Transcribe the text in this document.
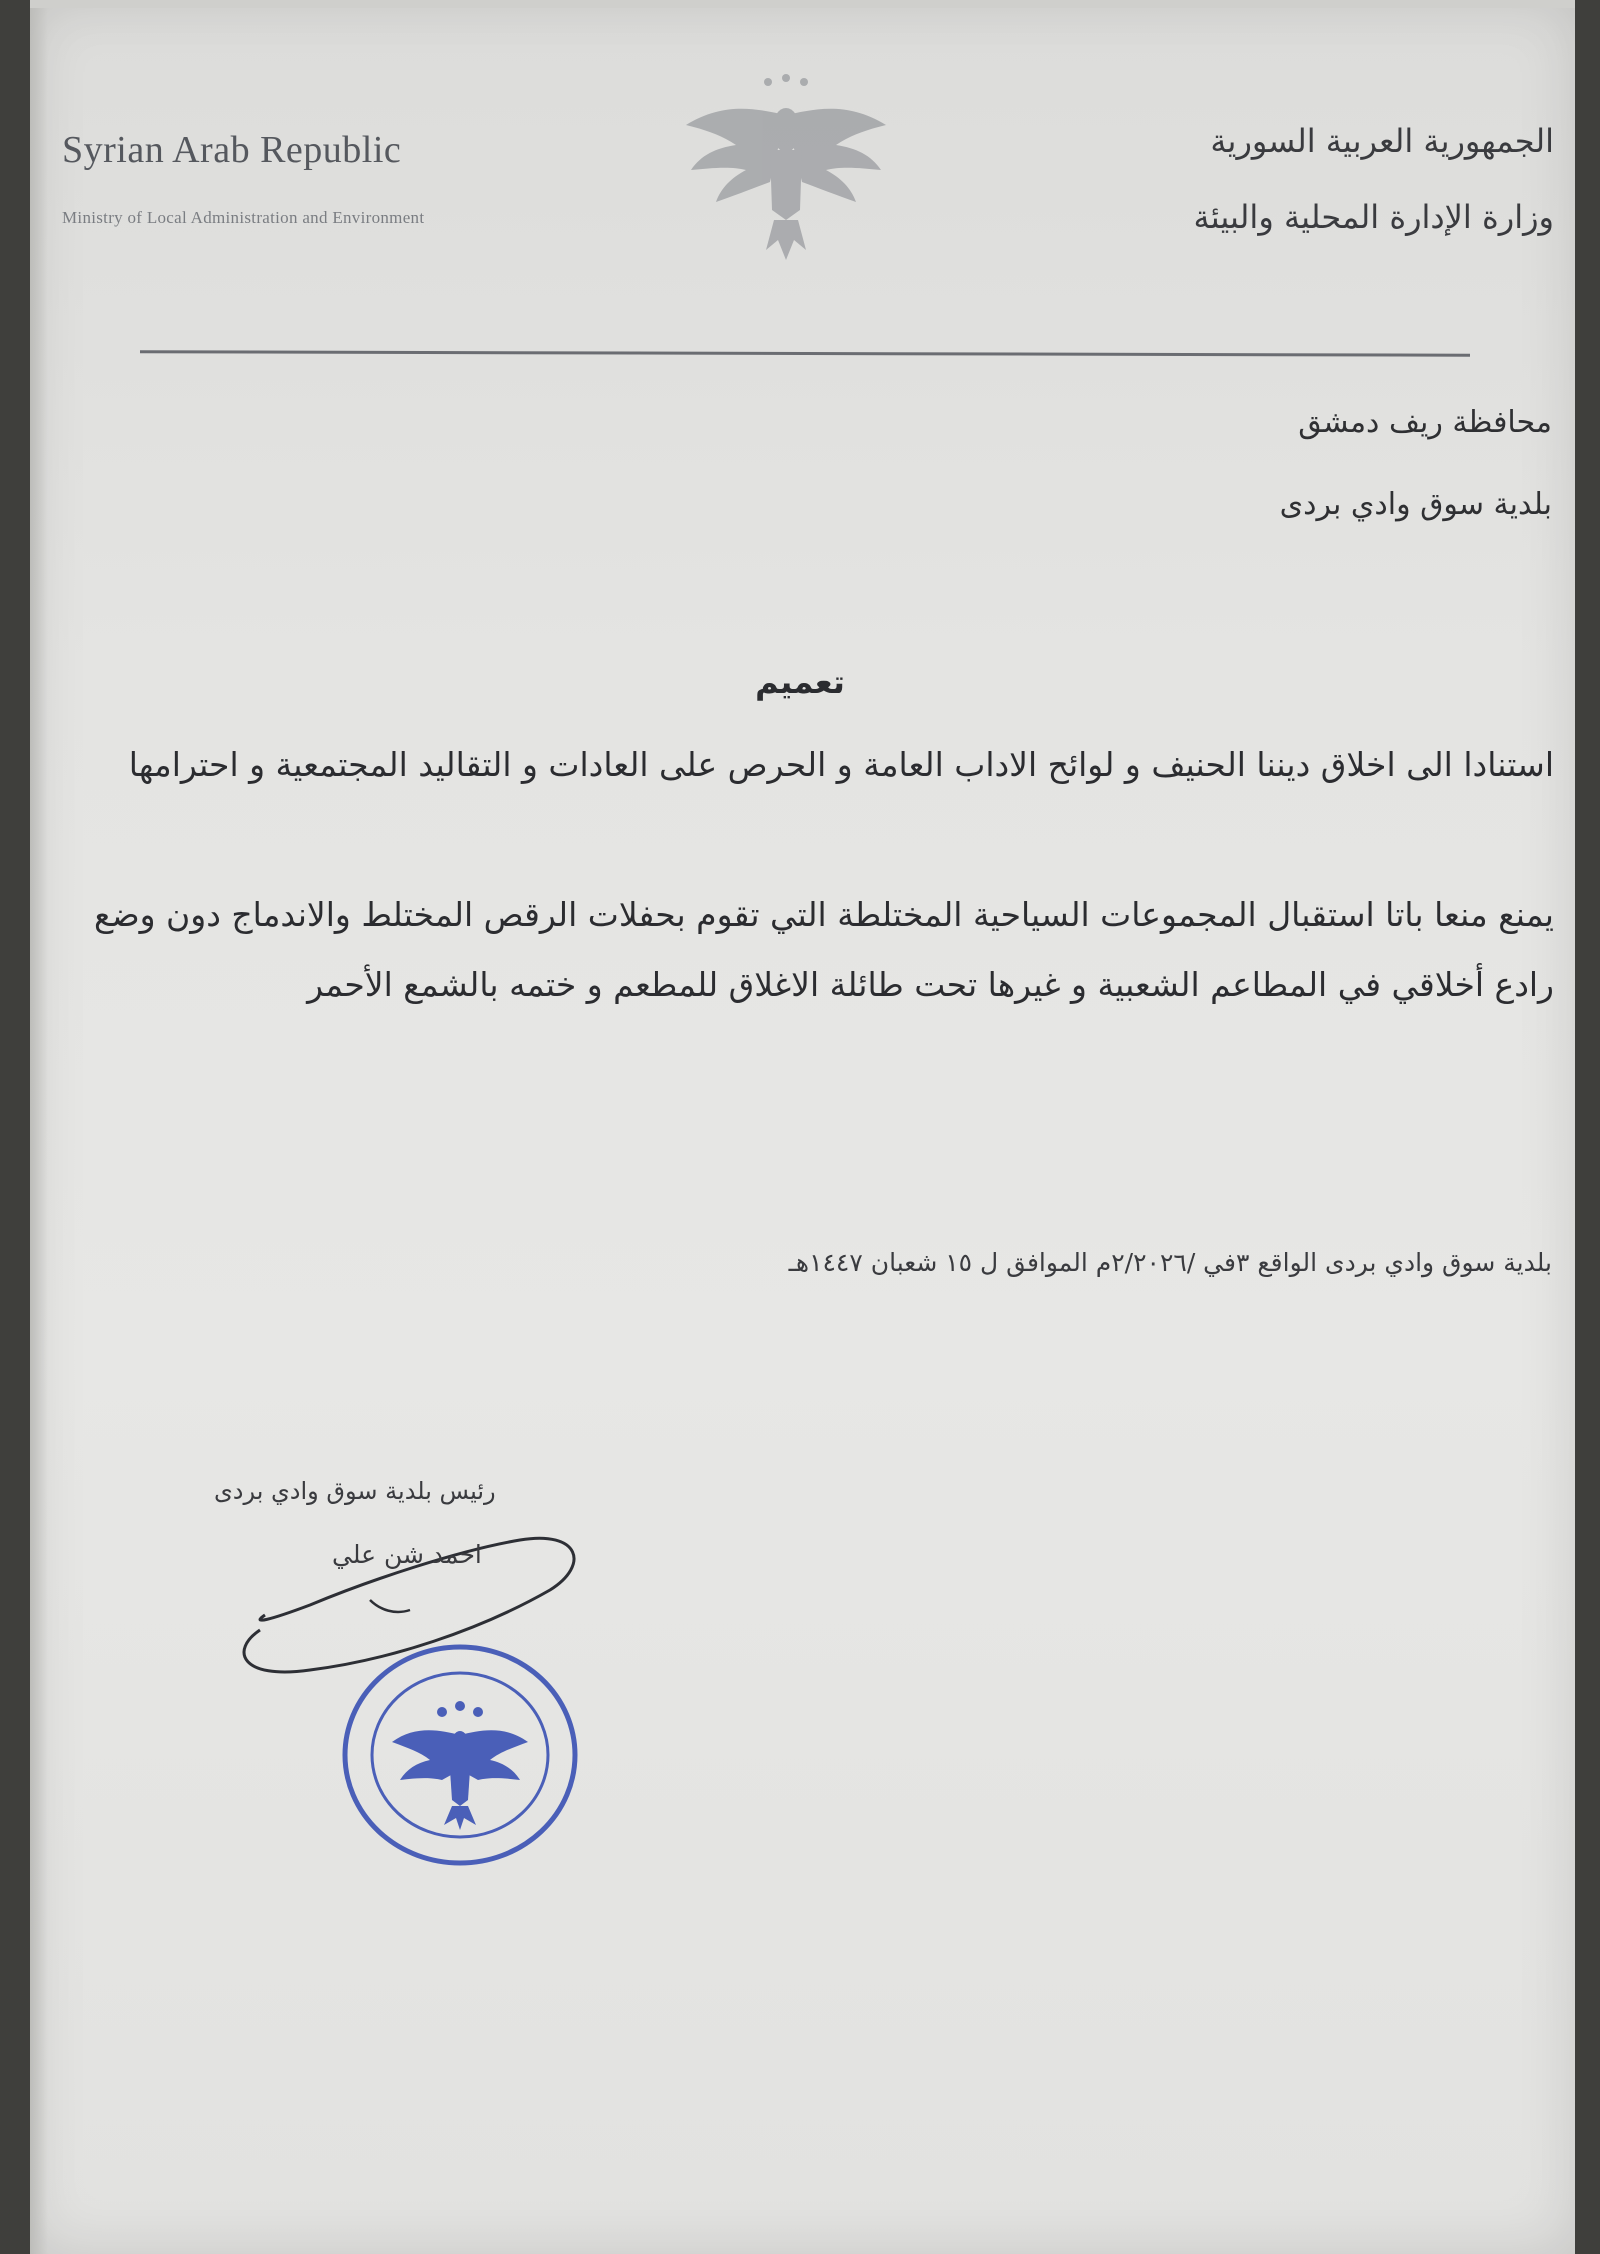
Syrian Arab Republic
Ministry of Local Administration and Environment
الجمهورية العربية السورية
وزارة الإدارة المحلية والبيئة
محافظة ريف دمشق
بلدية سوق وادي بردى
تعميم

استنادا الى اخلاق ديننا الحنيف و لوائح الاداب العامة و الحرص على العادات و التقاليد المجتمعية و احترامها

يمنع منعا باتا استقبال المجموعات السياحية المختلطة التي تقوم بحفلات الرقص المختلط والاندماج دون وضع رادع أخلاقي في المطاعم الشعبية و غيرها تحت طائلة الاغلاق للمطعم و ختمه بالشمع الأحمر

بلدية سوق وادي بردى الواقع ٣في /٢/٢٠٢٦م الموافق ل ١٥ شعبان ١٤٤٧هـ
رئيس بلدية سوق وادي بردى
احمد شن علي
